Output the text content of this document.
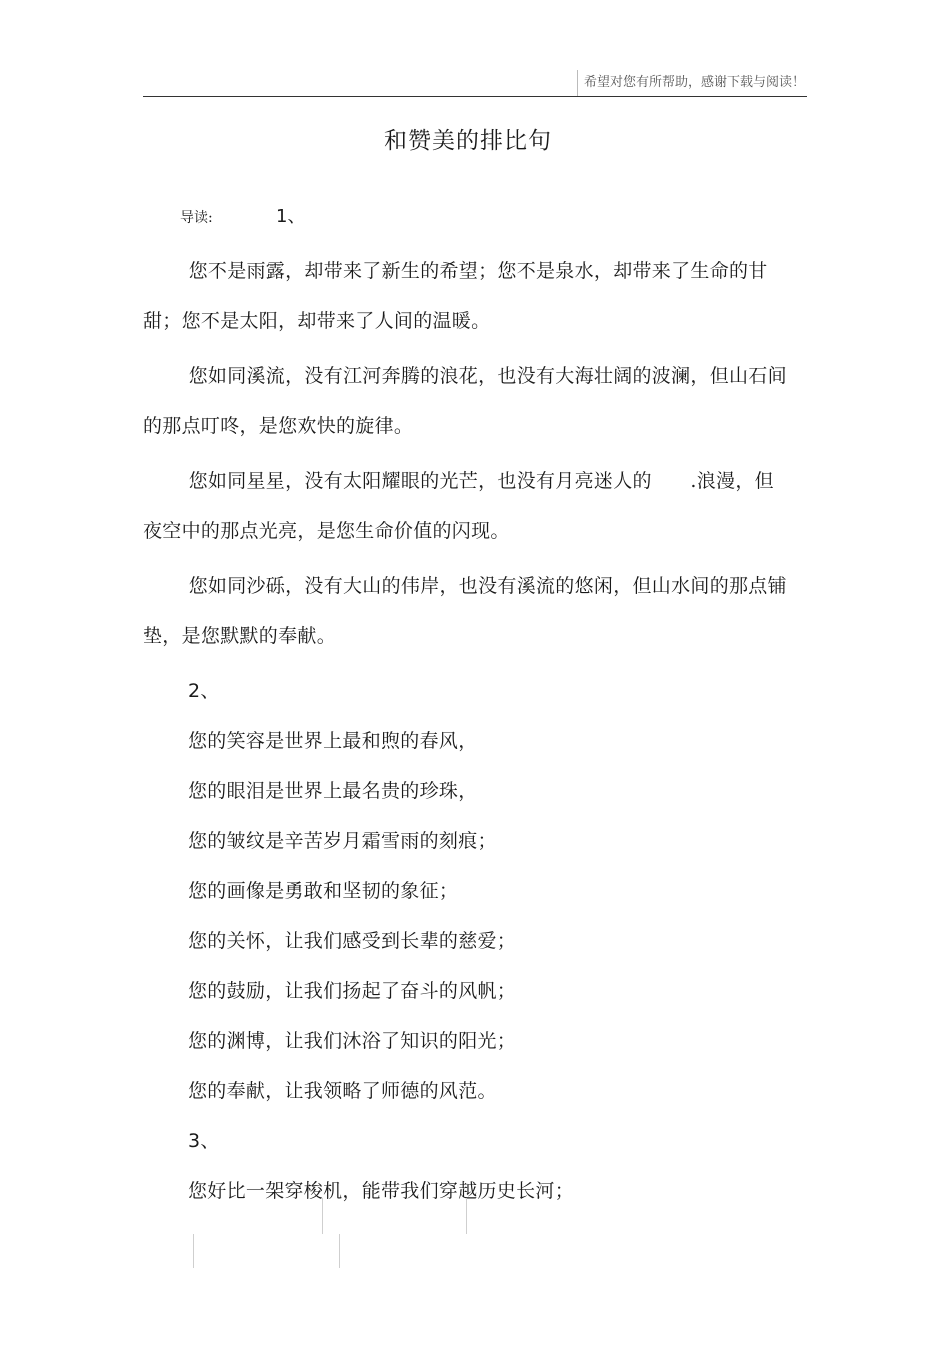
希望对您有所帮助，感谢下载与阅读！
和赞美的排比句
导读:	1、

您不是雨露，却带来了新生的希望；您不是泉水，却带来了生命的甘甜；您不是太阳，却带来了人间的温暖。

您如同溪流，没有江河奔腾的浪花，也没有大海壮阔的波澜，但山石间的那点叮咚，是您欢快的旋律。

您如同星星，没有太阳耀眼的光芒，也没有月亮迷人的　　.浪漫，但夜空中的那点光亮，是您生命价值的闪现。

您如同沙砾，没有大山的伟岸，也没有溪流的悠闲，但山水间的那点铺垫，是您默默的奉献。

2、

您的笑容是世界上最和煦的春风，

您的眼泪是世界上最名贵的珍珠，

您的皱纹是辛苦岁月霜雪雨的刻痕；

您的画像是勇敢和坚韧的象征；

您的关怀，让我们感受到长辈的慈爱；

您的鼓励，让我们扬起了奋斗的风帆；

您的渊博，让我们沐浴了知识的阳光；

您的奉献，让我领略了师德的风范。

3、

您好比一架穿梭机，能带我们穿越历史长河；
